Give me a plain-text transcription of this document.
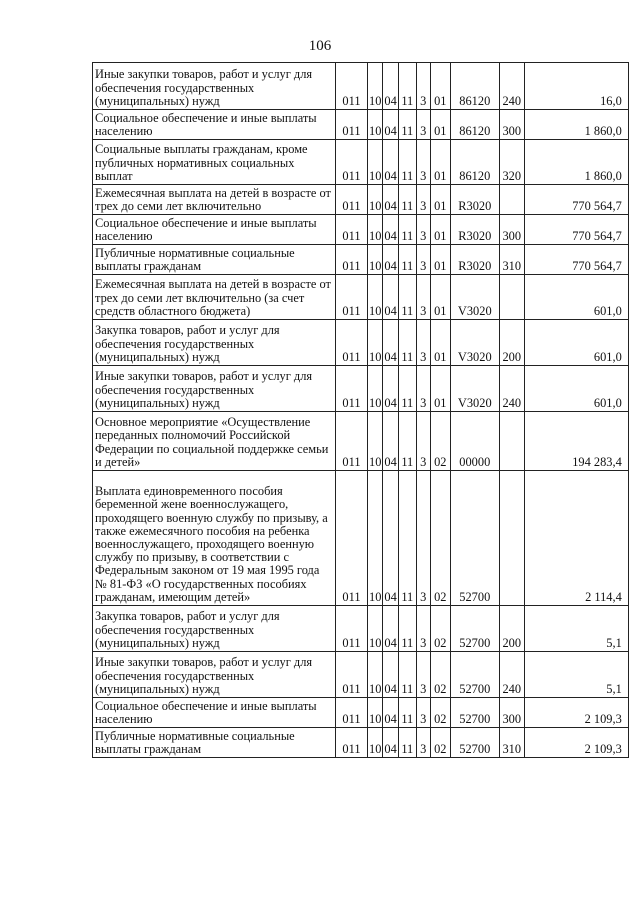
106
Иные закупки товаров, работ и услуг для обеспечения государственных (муниципальных) нужд	011	10	04	11	3	01	86120	240	16,0
Социальное обеспечение и иные выплаты населению	011	10	04	11	3	01	86120	300	1 860,0
Социальные выплаты гражданам, кроме публичных нормативных социальных выплат	011	10	04	11	3	01	86120	320	1 860,0
Ежемесячная выплата на детей в возрасте от трех до семи лет включительно	011	10	04	11	3	01	R3020		770 564,7
Социальное обеспечение и иные выплаты населению	011	10	04	11	3	01	R3020	300	770 564,7
Публичные нормативные социальные выплаты гражданам	011	10	04	11	3	01	R3020	310	770 564,7
Ежемесячная выплата на детей в возрасте от трех до семи лет включительно (за счет средств областного бюджета)	011	10	04	11	3	01	V3020		601,0
Закупка товаров, работ и услуг для обеспечения государственных (муниципальных) нужд	011	10	04	11	3	01	V3020	200	601,0
Иные закупки товаров, работ и услуг для обеспечения государственных (муниципальных) нужд	011	10	04	11	3	01	V3020	240	601,0
Основное мероприятие «Осуществление переданных полномочий Российской Федерации по социальной поддержке семьи и детей»	011	10	04	11	3	02	00000		194 283,4
Выплата единовременного пособия беременной жене военнослужащего, проходящего военную службу по призыву, а также ежемесячного пособия на ребенка военнослужащего, проходящего военную службу по призыву, в соответствии с Федеральным законом от 19 мая 1995 года № 81-ФЗ «О государственных пособиях гражданам, имеющим детей»	011	10	04	11	3	02	52700		2 114,4
Закупка товаров, работ и услуг для обеспечения государственных (муниципальных) нужд	011	10	04	11	3	02	52700	200	5,1
Иные закупки товаров, работ и услуг для обеспечения государственных (муниципальных) нужд	011	10	04	11	3	02	52700	240	5,1
Социальное обеспечение и иные выплаты населению	011	10	04	11	3	02	52700	300	2 109,3
Публичные нормативные социальные выплаты гражданам	011	10	04	11	3	02	52700	310	2 109,3
